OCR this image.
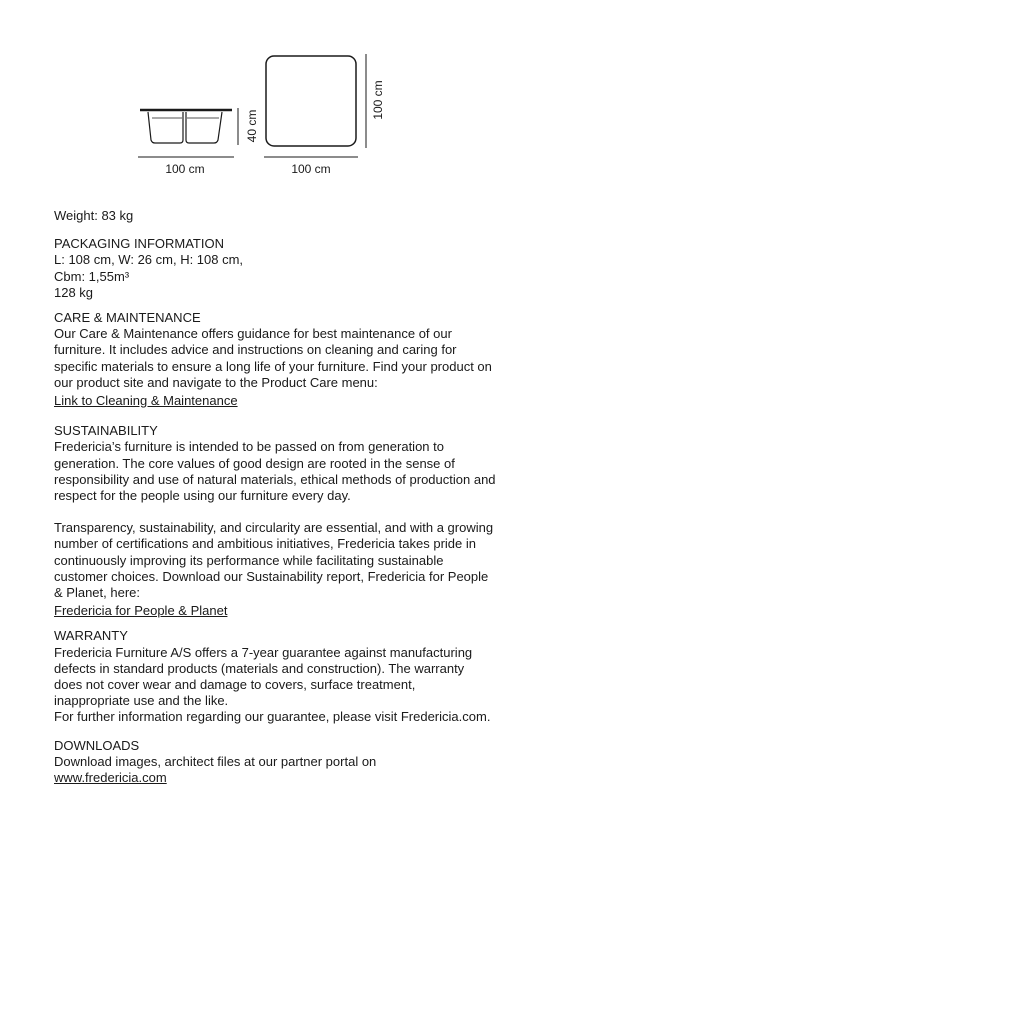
100 cm
40 cm
100 cm
100 cm

Weight: 83 kg

PACKAGING INFORMATION

L: 108 cm, W: 26 cm, H: 108 cm,

Cbm: 1,55m³

128 kg

CARE & MAINTENANCE

Our Care & Maintenance offers guidance for best maintenance of our

furniture. It includes advice and instructions on cleaning and caring for

specific materials to ensure a long life of your furniture. Find your product on

our product site and navigate to the Product Care menu:

Link to Cleaning & Maintenance

SUSTAINABILITY

Fredericia’s furniture is intended to be passed on from generation to

generation. The core values of good design are rooted in the sense of

responsibility and use of natural materials, ethical methods of production and

respect for the people using our furniture every day.

Transparency, sustainability, and circularity are essential, and with a growing

number of certifications and ambitious initiatives, Fredericia takes pride in

continuously improving its performance while facilitating sustainable

customer choices. Download our Sustainability report, Fredericia for People

& Planet, here:

Fredericia for People & Planet

WARRANTY

Fredericia Furniture A/S offers a 7-year guarantee against manufacturing

defects in standard products (materials and construction). The warranty

does not cover wear and damage to covers, surface treatment,

inappropriate use and the like.

For further information regarding our guarantee, please visit Fredericia.com.

DOWNLOADS

Download images, architect files at our partner portal on

www.fredericia.com
